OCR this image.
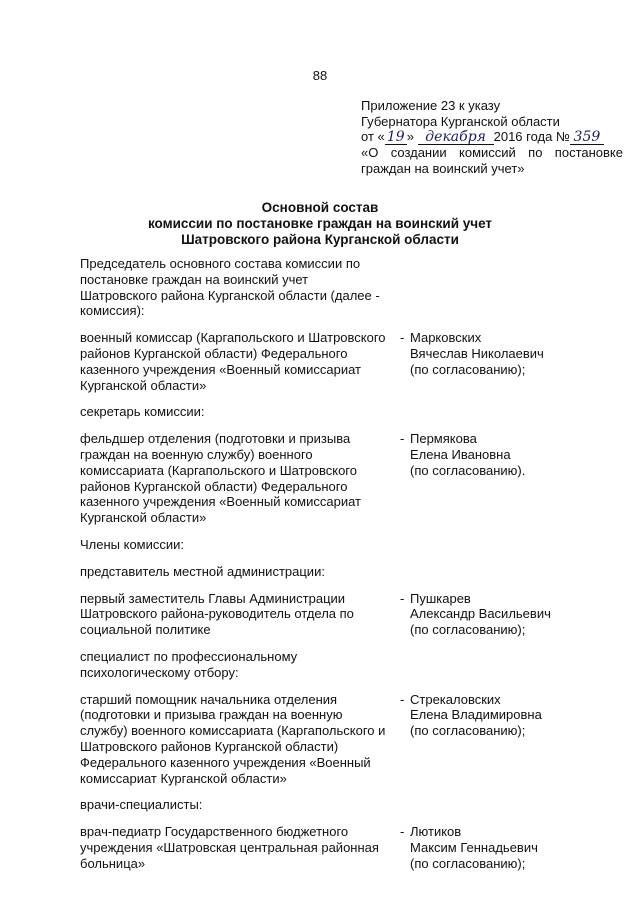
88
Приложение 23 к указу
Губернатора Курганской области
от « 19 » декабря 2016 года № 359
«О создании комиссий по постановке
граждан на воинский учет»
Основной состав
комиссии по постановке граждан на воинский учет
Шатровского района Курганской области
Председатель основного состава комиссии по постановке граждан на воинский учет Шатровского района Курганской области (далее - комиссия):
военный комиссар (Каргапольского и Шатровского районов Курганской области) Федерального казенного учреждения «Военный комиссариат Курганской области»
- Марковских
Вячеслав Николаевич
(по согласованию);
секретарь комиссии:
фельдшер отделения (подготовки и призыва граждан на военную службу) военного комиссариата (Каргапольского и Шатровского районов Курганской области) Федерального казенного учреждения «Военный комиссариат Курганской области»
- Пермякова
Елена Ивановна
(по согласованию).
Члены комиссии:
представитель местной администрации:
первый заместитель Главы Администрации Шатровского района-руководитель отдела по социальной политике
- Пушкарев
Александр Васильевич
(по согласованию);
специалист по профессиональному психологическому отбору:
старший помощник начальника отделения (подготовки и призыва граждан на военную службу) военного комиссариата (Каргапольского и Шатровского районов Курганской области) Федерального казенного учреждения «Военный комиссариат Курганской области»
- Стрекаловских
Елена Владимировна
(по согласованию);
врачи-специалисты:
врач-педиатр Государственного бюджетного учреждения «Шатровская центральная районная больница»
- Лютиков
Максим Геннадьевич
(по согласованию);
